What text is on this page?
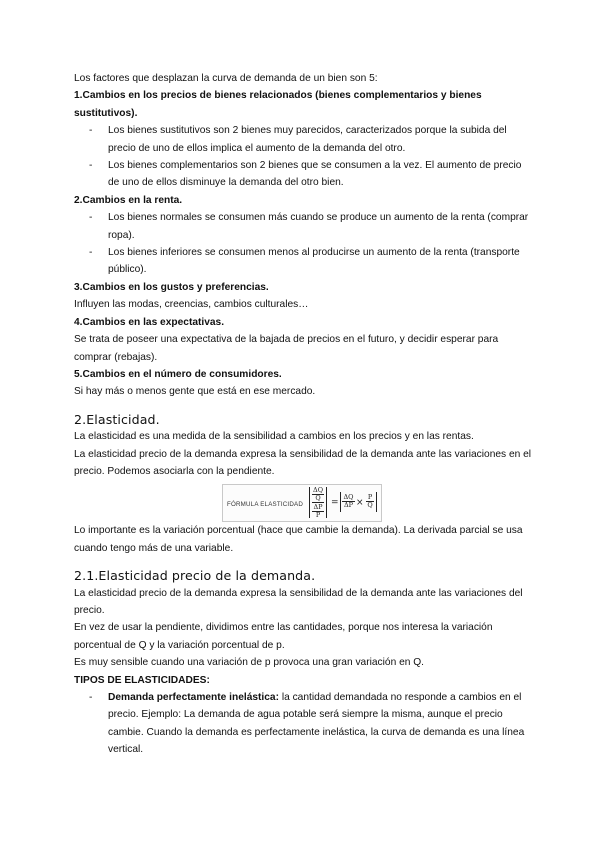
Los factores que desplazan la curva de demanda de un bien son 5:

1.Cambios en los precios de bienes relacionados (bienes complementarios y bienes sustitutivos).

- Los bienes sustitutivos son 2 bienes muy parecidos, caracterizados porque la subida del precio de uno de ellos implica el aumento de la demanda del otro.

- Los bienes complementarios son 2 bienes que se consumen a la vez. El aumento de precio de uno de ellos disminuye la demanda del otro bien.

2.Cambios en la renta.

- Los bienes normales se consumen más cuando se produce un aumento de la renta (comprar ropa).

- Los bienes inferiores se consumen menos al producirse un aumento de la renta (transporte público).

3.Cambios en los gustos y preferencias.

Influyen las modas, creencias, cambios culturales…

4.Cambios en las expectativas.

Se trata de poseer una expectativa de la bajada de precios en el futuro, y decidir esperar para comprar (rebajas).

5.Cambios en el número de consumidores.

Si hay más o menos gente que está en ese mercado.

2.Elasticidad.

La elasticidad es una medida de la sensibilidad a cambios en los precios y en las rentas.

La elasticidad precio de la demanda expresa la sensibilidad de la demanda ante las variaciones en el precio. Podemos asociarla con la pendiente.

FÓRMULA ELASTICIDAD
$\frac{\Delta Q}{Q}$
$\frac{\Delta P}{P}$
= $\frac{\Delta Q}{\Delta P} \times \frac{P}{Q}$

Lo importante es la variación porcentual (hace que cambie la demanda). La derivada parcial se usa cuando tengo más de una variable.

2.1.Elasticidad precio de la demanda.

La elasticidad precio de la demanda expresa la sensibilidad de la demanda ante las variaciones del precio.

En vez de usar la pendiente, dividimos entre las cantidades, porque nos interesa la variación porcentual de Q y la variación porcentual de p.

Es muy sensible cuando una variación de p provoca una gran variación en Q.

TIPOS DE ELASTICIDADES:

- Demanda perfectamente inelástica: la cantidad demandada no responde a cambios en el precio. Ejemplo: La demanda de agua potable será siempre la misma, aunque el precio cambie. Cuando la demanda es perfectamente inelástica, la curva de demanda es una línea vertical.
